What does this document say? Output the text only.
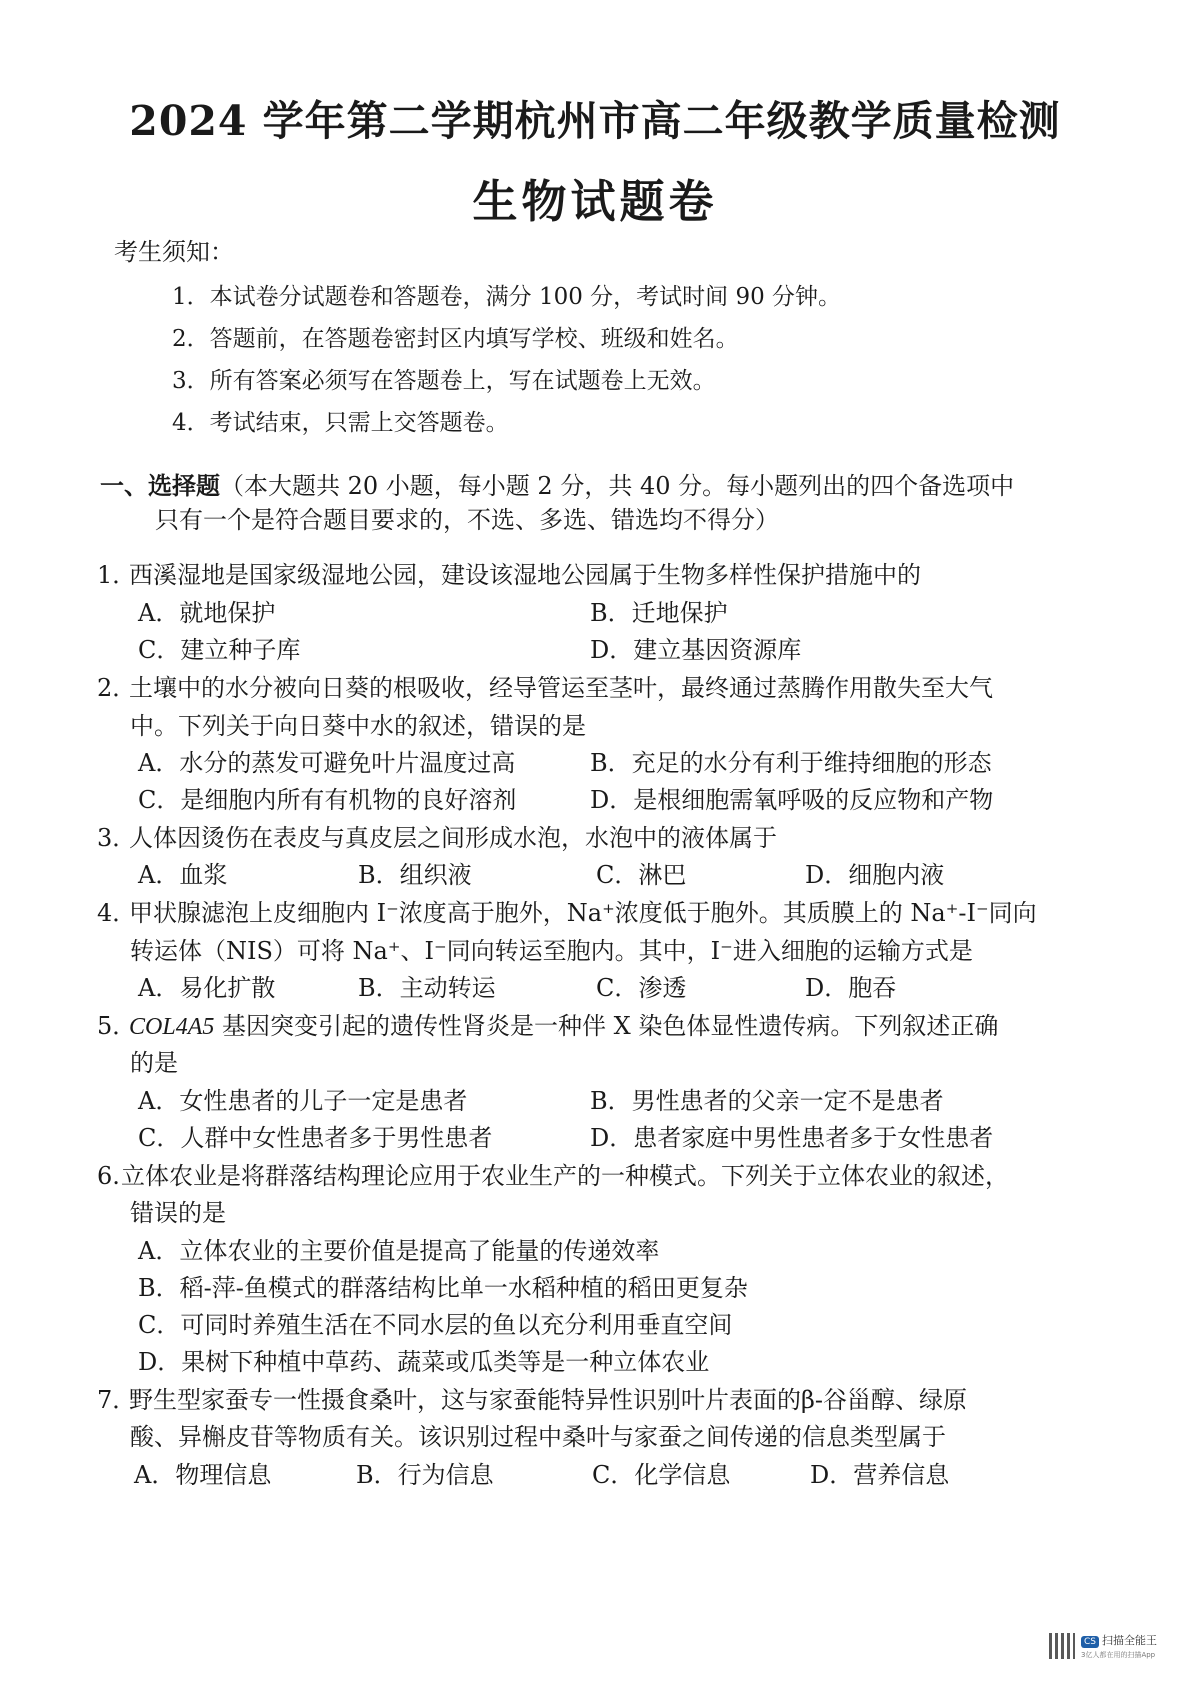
2024 学年第二学期杭州市高二年级教学质量检测
生物试题卷
考生须知：
1．本试卷分试题卷和答题卷，满分 100 分，考试时间 90 分钟。
2．答题前，在答题卷密封区内填写学校、班级和姓名。
3．所有答案必须写在答题卷上，写在试题卷上无效。
4．考试结束，只需上交答题卷。
一、选择题（本大题共 20 小题，每小题 2 分，共 40 分。每小题列出的四个备选项中
只有一个是符合题目要求的，不选、多选、错选均不得分）
1．西溪湿地是国家级湿地公园，建设该湿地公园属于生物多样性保护措施中的
A．就地保护	B．迁地保护
C．建立种子库	D．建立基因资源库
2．土壤中的水分被向日葵的根吸收，经导管运至茎叶，最终通过蒸腾作用散失至大气
中。下列关于向日葵中水的叙述，错误的是
A．水分的蒸发可避免叶片温度过高	B．充足的水分有利于维持细胞的形态
C．是细胞内所有有机物的良好溶剂	D．是根细胞需氧呼吸的反应物和产物
3．人体因烫伤在表皮与真皮层之间形成水泡，水泡中的液体属于
A．血浆	B．组织液	C．淋巴	D．细胞内液
4．甲状腺滤泡上皮细胞内 I⁻浓度高于胞外，Na⁺浓度低于胞外。其质膜上的 Na⁺-I⁻同向
转运体（NIS）可将 Na⁺、I⁻同向转运至胞内。其中，I⁻进入细胞的运输方式是
A．易化扩散	B．主动转运	C．渗透	D．胞吞
5．COL4A5 基因突变引起的遗传性肾炎是一种伴 X 染色体显性遗传病。下列叙述正确
的是
A．女性患者的儿子一定是患者	B．男性患者的父亲一定不是患者
C．人群中女性患者多于男性患者	D．患者家庭中男性患者多于女性患者
6.立体农业是将群落结构理论应用于农业生产的一种模式。下列关于立体农业的叙述，
错误的是
A．立体农业的主要价值是提高了能量的传递效率
B．稻-萍-鱼模式的群落结构比单一水稻种植的稻田更复杂
C．可同时养殖生活在不同水层的鱼以充分利用垂直空间
D．果树下种植中草药、蔬菜或瓜类等是一种立体农业
7．野生型家蚕专一性摄食桑叶，这与家蚕能特异性识别叶片表面的β-谷甾醇、绿原
酸、异槲皮苷等物质有关。该识别过程中桑叶与家蚕之间传递的信息类型属于
A．物理信息	B．行为信息	C．化学信息	D．营养信息
CS 扫描全能王
3亿人都在用的扫描App
